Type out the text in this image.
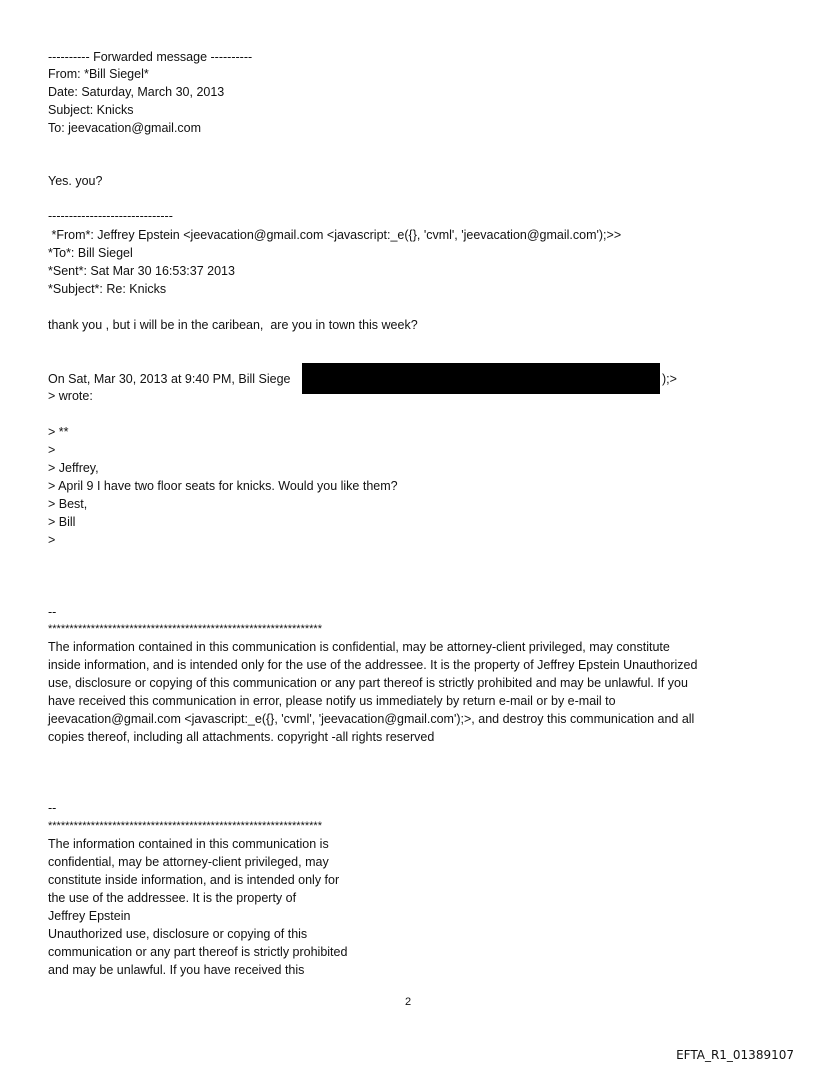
---------- Forwarded message ----------

From: *Bill Siegel*

Date: Saturday, March 30, 2013

Subject: Knicks

To: jeevacation@gmail.com

Yes. you?

------------------------------

*From*: Jeffrey Epstein <jeevacation@gmail.com <javascript:_e({}, 'cvml', 'jeevacation@gmail.com');>>

*To*: Bill Siegel

*Sent*: Sat Mar 30 16:53:37 2013

*Subject*: Re: Knicks

thank you , but i will be in the caribean,  are you in town this week?

On Sat, Mar 30, 2013 at 9:40 PM, Bill Siege	);>

> wrote:

> **

>

> Jeffrey,

> April 9 I have two floor seats for knicks. Would you like them?

> Best,

> Bill

>

--

****************************************************************

The information contained in this communication is confidential, may be attorney-client privileged, may constitute

inside information, and is intended only for the use of the addressee. It is the property of Jeffrey Epstein Unauthorized

use, disclosure or copying of this communication or any part thereof is strictly prohibited and may be unlawful. If you

have received this communication in error, please notify us immediately by return e-mail or by e-mail to

jeevacation@gmail.com <javascript:_e({}, 'cvml', 'jeevacation@gmail.com');>, and destroy this communication and all

copies thereof, including all attachments. copyright -all rights reserved

--

****************************************************************

The information contained in this communication is

confidential, may be attorney-client privileged, may

constitute inside information, and is intended only for

the use of the addressee. It is the property of

Jeffrey Epstein

Unauthorized use, disclosure or copying of this

communication or any part thereof is strictly prohibited

and may be unlawful. If you have received this

2
EFTA_R1_01389107
